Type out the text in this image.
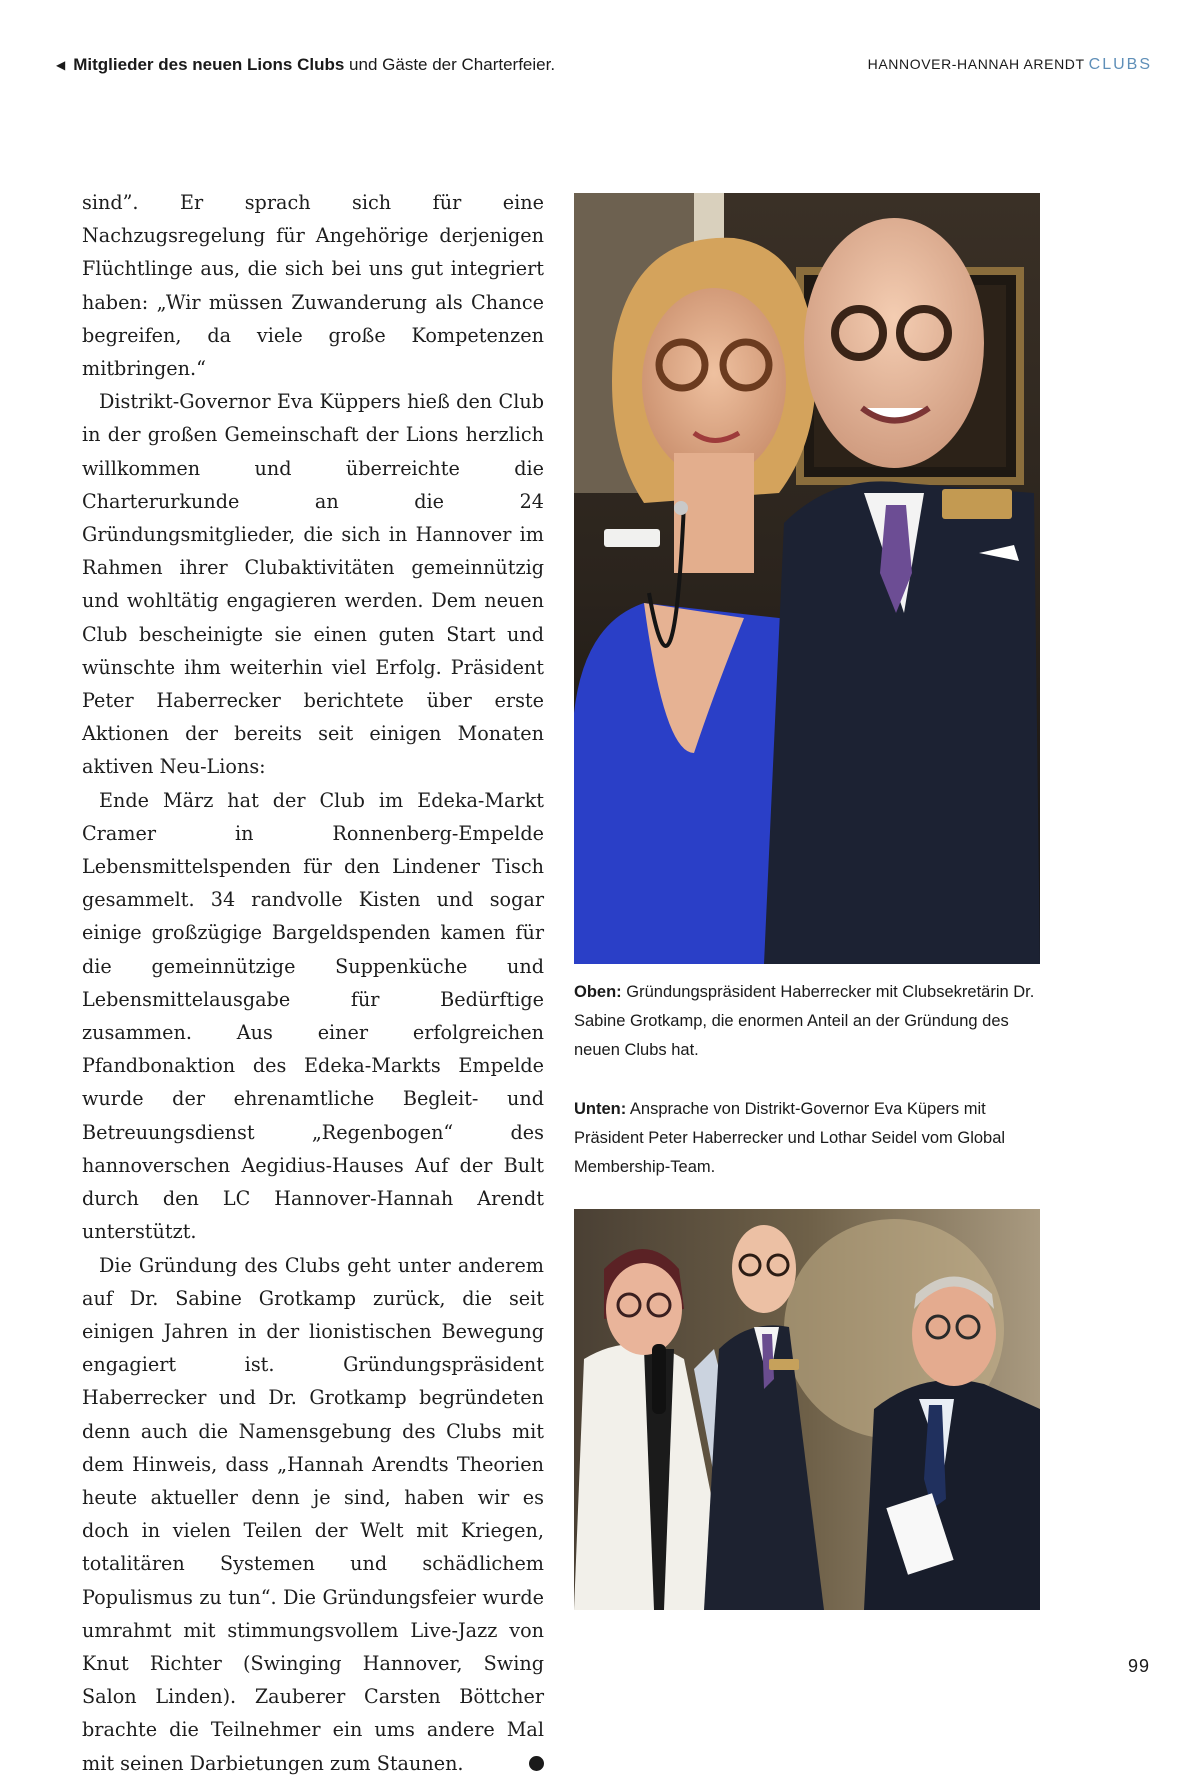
◀ Mitglieder des neuen Lions Clubs und Gäste der Charterfeier.	HANNOVER-HANNAH ARENDT CLUBS

sind”. Er sprach sich für eine Nachzugsregelung für Angehörige derjenigen Flüchtlinge aus, die sich bei uns gut integriert haben: „Wir müssen Zuwanderung als Chance begreifen, da viele große Kompetenzen mitbringen.“

Distrikt-Governor Eva Küppers hieß den Club in der großen Gemeinschaft der Lions herzlich willkommen und überreichte die Charterurkunde an die 24 Gründungsmitglieder, die sich in Hannover im Rahmen ihrer Clubaktivitäten gemeinnützig und wohltätig engagieren werden. Dem neuen Club bescheinigte sie einen guten Start und wünschte ihm weiterhin viel Erfolg. Präsident Peter Haberrecker berichtete über erste Aktionen der bereits seit einigen Monaten aktiven Neu-Lions:

Ende März hat der Club im Edeka-Markt Cramer in Ronnenberg-Empelde Lebensmittelspenden für den Lindener Tisch gesammelt. 34 randvolle Kisten und sogar einige großzügige Bargeldspenden kamen für die gemeinnützige Suppenküche und Lebensmittelausgabe für Bedürftige zusammen. Aus einer erfolgreichen Pfandbonaktion des Edeka-Markts Empelde wurde der ehrenamtliche Begleit- und Betreuungsdienst „Regenbogen“ des hannoverschen Aegidius-Hauses Auf der Bult durch den LC Hannover-Hannah Arendt unterstützt.

Die Gründung des Clubs geht unter anderem auf Dr. Sabine Grotkamp zurück, die seit einigen Jahren in der lionistischen Bewegung engagiert ist. Gründungspräsident Haberrecker und Dr. Grotkamp begründeten denn auch die Namensgebung des Clubs mit dem Hinweis, dass „Hannah Arendts Theorien heute aktueller denn je sind, haben wir es doch in vielen Teilen der Welt mit Kriegen, totalitären Systemen und schädlichem Populismus zu tun“. Die Gründungsfeier wurde umrahmt mit stimmungsvollem Live-Jazz von Knut Richter (Swinging Hannover, Swing Salon Linden). Zauberer Carsten Böttcher brachte die Teilnehmer ein ums andere Mal mit seinen Darbietungen zum Staunen.	L

Oben: Gründungspräsident Haberrecker mit Clubsekretärin Dr. Sabine Grotkamp, die enormen Anteil an der Gründung des neuen Clubs hat.
Unten: Ansprache von Distrikt-Governor Eva Küpers mit Präsident Peter Haberrecker und Lothar Seidel vom Global Membership-Team.
99
